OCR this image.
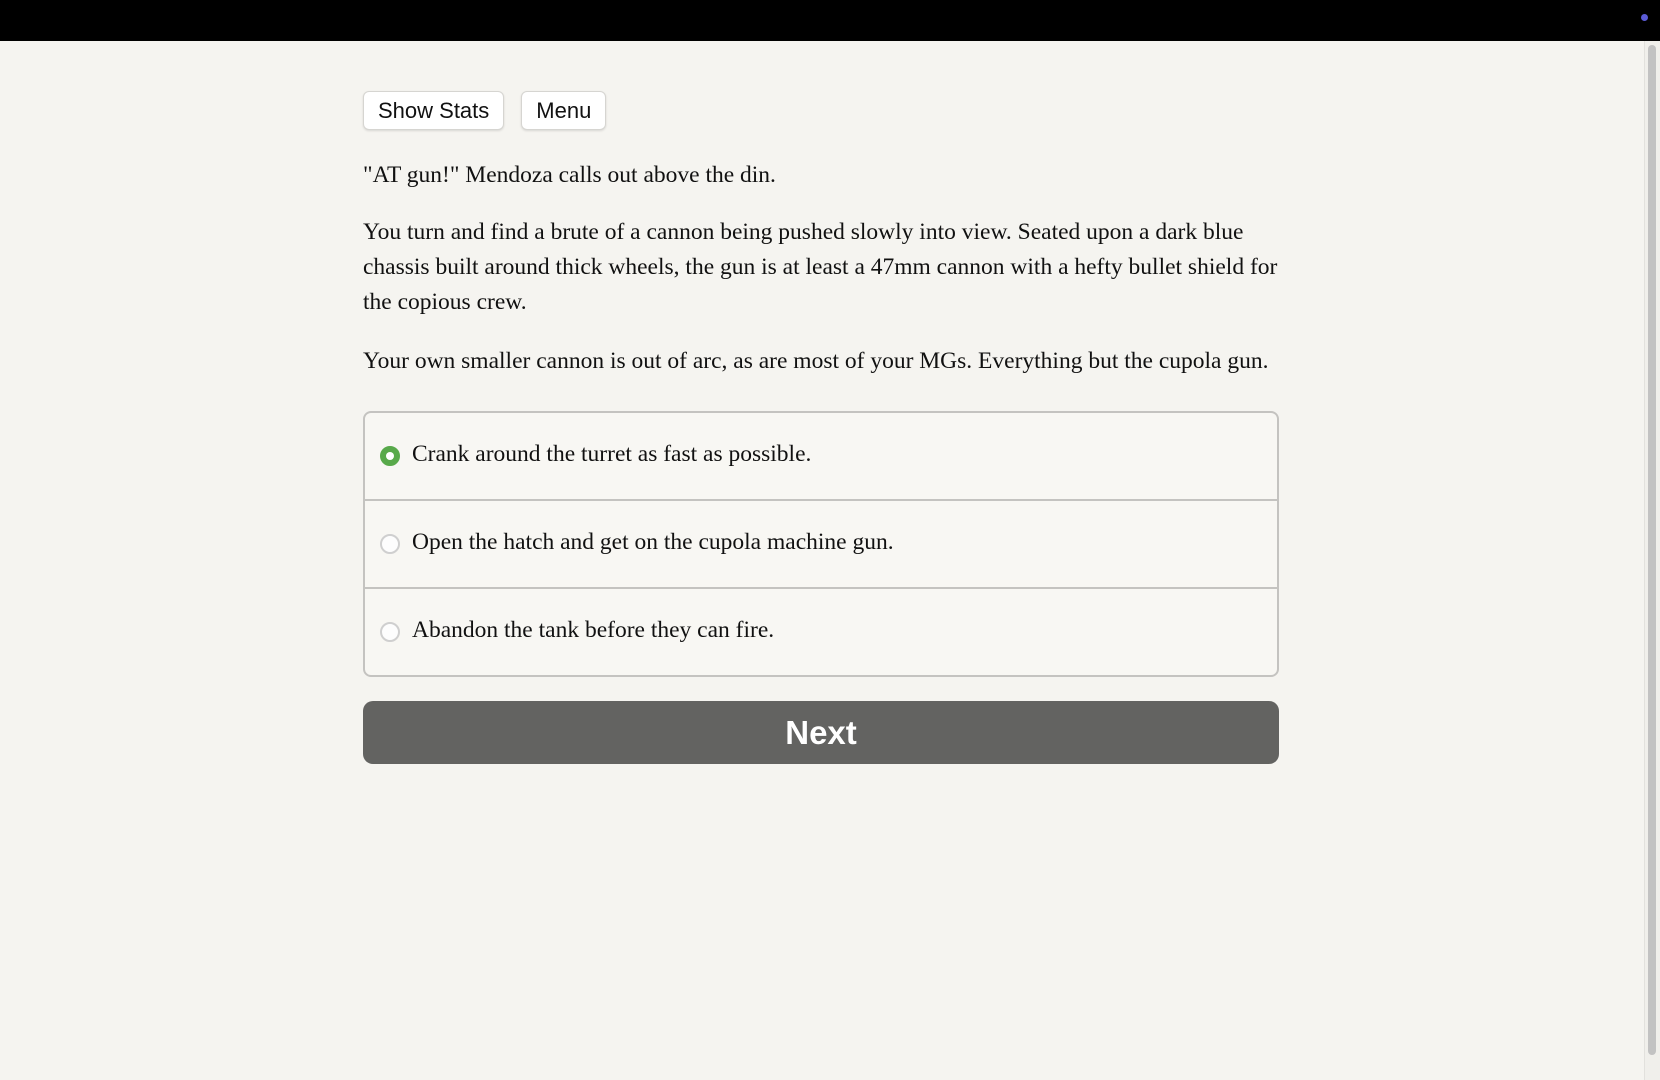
Show Stats	Menu

"AT gun!" Mendoza calls out above the din.

You turn and find a brute of a cannon being pushed slowly into view. Seated upon a dark blue chassis built around thick wheels, the gun is at least a 47mm cannon with a hefty bullet shield for the copious crew.

Your own smaller cannon is out of arc, as are most of your MGs. Everything but the cupola gun.

Crank around the turret as fast as possible.
Open the hatch and get on the cupola machine gun.
Abandon the tank before they can fire.
Next
